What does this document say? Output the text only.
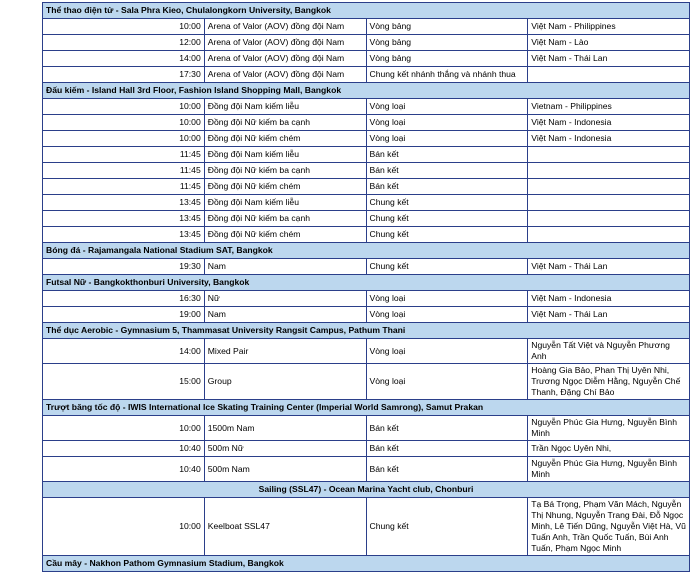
Thể thao điện tử - Sala Phra Kieo, Chulalongkorn University, Bangkok			
10:00	Arena of Valor (AOV) đồng đội Nam	Vòng bảng	Việt Nam - Philippines
12:00	Arena of Valor (AOV) đồng đội Nam	Vòng bảng	Việt Nam - Lào
14:00	Arena of Valor (AOV) đồng đội Nam	Vòng bảng	Việt Nam - Thái Lan
17:30	Arena of Valor (AOV) đồng đội Nam	Chung kết nhánh thắng và nhánh thua	
Đấu kiếm - Island Hall 3rd Floor, Fashion Island Shopping Mall, Bangkok			
10:00	Đồng đội Nam kiếm liễu	Vòng loại	Vietnam - Philippines
10:00	Đồng đội Nữ kiếm ba cạnh	Vòng loại	Việt Nam - Indonesia
10:00	Đồng đội Nữ kiếm chém	Vòng loại	Việt Nam - Indonesia
11:45	Đồng đội Nam kiếm liễu	Bán kết	
11:45	Đồng đội Nữ kiếm ba cạnh	Bán kết	
11:45	Đồng đội Nữ kiếm chém	Bán kết	
13:45	Đồng đội Nam kiếm liễu	Chung kết	
13:45	Đồng đội Nữ kiếm ba cạnh	Chung kết	
13:45	Đồng đội Nữ kiếm chém	Chung kết	
Bóng đá - Rajamangala National Stadium SAT, Bangkok			
19:30	Nam	Chung kết	Việt Nam - Thái Lan
Futsal Nữ - Bangkokthonburi University, Bangkok			
16:30	Nữ	Vòng loại	Việt Nam - Indonesia
19:00	Nam	Vòng loại	Việt Nam - Thái Lan
Thể dục Aerobic - Gymnasium 5, Thammasat University Rangsit Campus, Pathum Thani			
14:00	Mixed Pair	Vòng loại	Nguyễn Tất Việt và Nguyễn Phương Anh
15:00	Group	Vòng loại	Hoàng Gia Bảo, Phan Thị Uyên Nhi, Trương Ngọc Diễm Hằng, Nguyễn Chế Thanh, Đặng Chí Bảo
Trượt băng tốc độ - IWIS International Ice Skating Training Center (Imperial World Samrong), Samut Prakan			
10:00	1500m Nam	Bán kết	Nguyễn Phúc Gia Hưng, Nguyễn Bình Minh
10:40	500m Nữ	Bán kết	Trần Ngọc Uyên Nhi,
10:40	500m Nam	Bán kết	Nguyễn Phúc Gia Hưng, Nguyễn Bình Minh
Sailing (SSL47) - Ocean Marina Yacht club, Chonburi			
10:00	Keelboat SSL47	Chung kết	Tạ Bá Trọng, Phạm Văn Mách, Nguyễn Thị Nhung, Nguyễn Trang Đài, Đỗ Ngọc Minh, Lê Tiến Dũng, Nguyễn Việt Hà, Vũ Tuấn Anh, Trần Quốc Tuấn, Bùi Anh Tuấn, Phạm Ngọc Minh
Cầu mây - Nakhon Pathom Gymnasium Stadium, Bangkok			
